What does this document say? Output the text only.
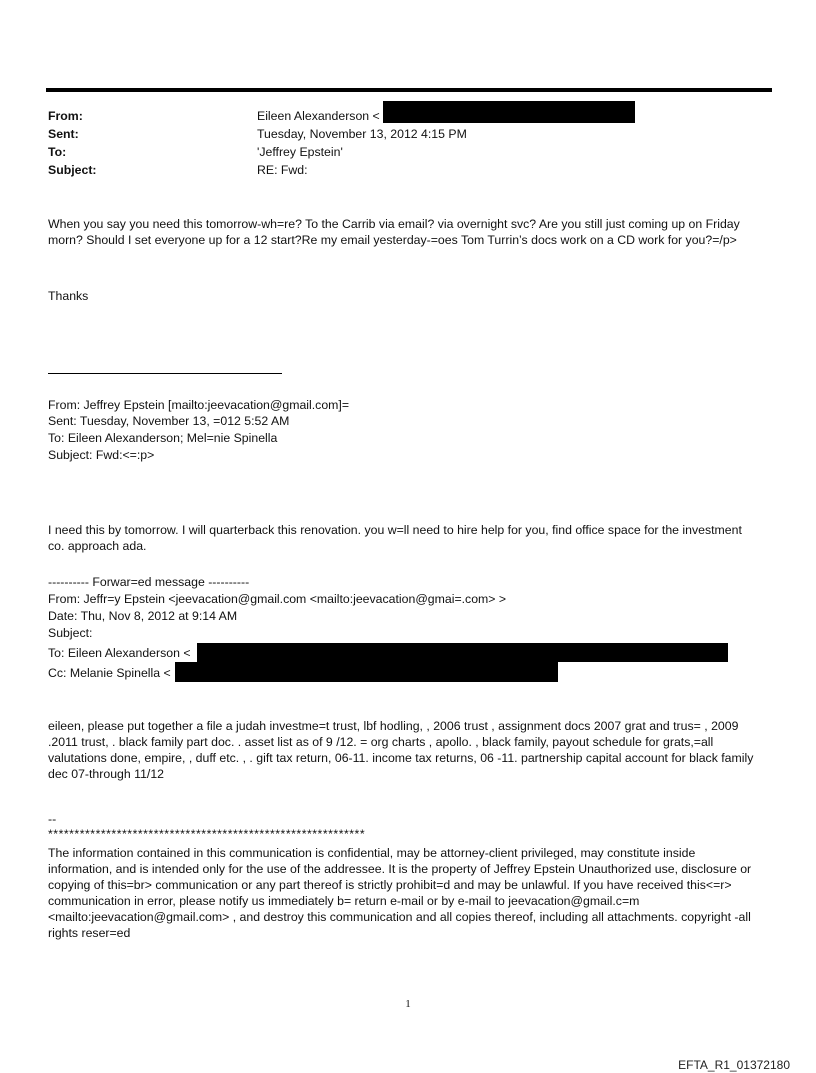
From:	Eileen Alexanderson <
Sent:	Tuesday, November 13, 2012 4:15 PM
To:	'Jeffrey Epstein'
Subject:	RE: Fwd:

When you say you need this tomorrow-wh=re? To the Carrib via email? via overnight svc? Are you still just coming up on Friday morn? Should I set everyone up for a 12 start?Re my email yesterday-=oes Tom Turrin’s docs work on a CD work for you?=/p>

Thanks

From: Jeffrey Epstein [mailto:jeevacation@gmail.com]=
Sent: Tuesday, November 13, =012 5:52 AM
To: Eileen Alexanderson; Mel=nie Spinella
Subject: Fwd:<=:p>

I need this by tomorrow. I will quarterback this renovation. you w=ll need to hire help for you, find office space for the investment co. approach ada.

---------- Forwar=ed message ----------
From: Jeffr=y Epstein <jeevacation@gmail.com <mailto:jeevacation@gmai=.com> >
Date: Thu, Nov 8, 2012 at 9:14 AM
Subject:
To: Eileen Alexanderson <
Cc: Melanie Spinella <

eileen, please put together a file a judah investme=t trust, lbf hodling, , 2006 trust , assignment docs 2007 grat and trus= , 2009 .2011 trust, . black family part doc. . asset list as of 9 /12. = org charts , apollo. , black family, payout schedule for grats,=all valutations done, empire, , duff etc. , . gift tax return, 06-11. income tax returns, 06 -11. partnership capital account for black family dec 07-through 11/12

--
************************************************************

The information contained in this communication is confidential, may be attorney-client privileged, may constitute inside information, and is intended only for the use of the addressee. It is the property of Jeffrey Epstein Unauthorized use, disclosure or copying of this=br> communication or any part thereof is strictly prohibit=d and may be unlawful. If you have received this<=r> communication in error, please notify us immediately b= return e-mail or by e-mail to jeevacation@gmail.c=m <mailto:jeevacation@gmail.com> , and destroy this communication and all copies thereof, including all attachments. copyright -all rights reser=ed

1
EFTA_R1_01372180
